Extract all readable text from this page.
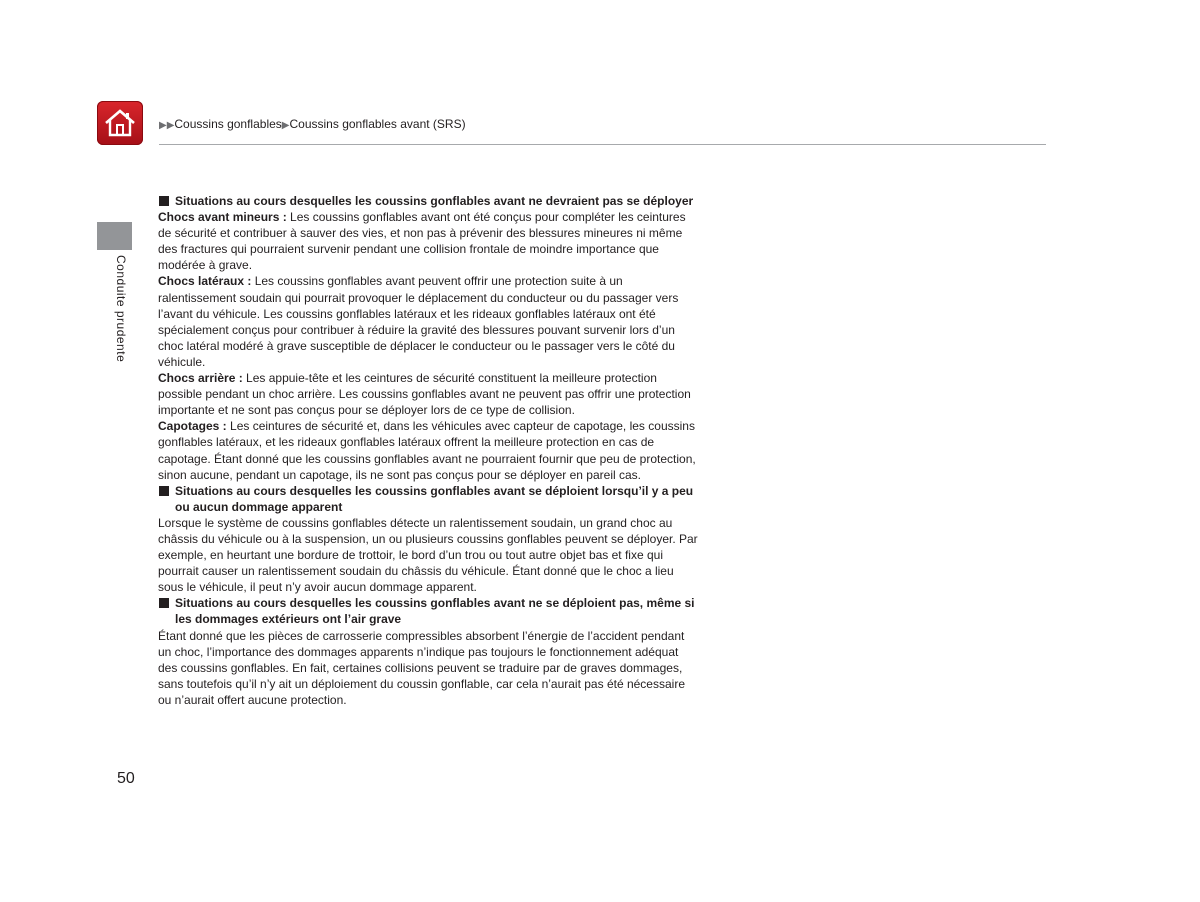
▶▶Coussins gonflables▶Coussins gonflables avant (SRS)
Conduite prudente
Situations au cours desquelles les coussins gonflables avant ne devraient pas se déployer

Chocs avant mineurs : Les coussins gonflables avant ont été conçus pour compléter les ceintures de sécurité et contribuer à sauver des vies, et non pas à prévenir des blessures mineures ni même des fractures qui pourraient survenir pendant une collision frontale de moindre importance que modérée à grave.

Chocs latéraux : Les coussins gonflables avant peuvent offrir une protection suite à un ralentissement soudain qui pourrait provoquer le déplacement du conducteur ou du passager vers l’avant du véhicule. Les coussins gonflables latéraux et les rideaux gonflables latéraux ont été spécialement conçus pour contribuer à réduire la gravité des blessures pouvant survenir lors d’un choc latéral modéré à grave susceptible de déplacer le conducteur ou le passager vers le côté du véhicule.

Chocs arrière : Les appuie-tête et les ceintures de sécurité constituent la meilleure protection possible pendant un choc arrière. Les coussins gonflables avant ne peuvent pas offrir une protection importante et ne sont pas conçus pour se déployer lors de ce type de collision.

Capotages : Les ceintures de sécurité et, dans les véhicules avec capteur de capotage, les coussins gonflables latéraux, et les rideaux gonflables latéraux offrent la meilleure protection en cas de capotage. Étant donné que les coussins gonflables avant ne pourraient fournir que peu de protection, sinon aucune, pendant un capotage, ils ne sont pas conçus pour se déployer en pareil cas.

Situations au cours desquelles les coussins gonflables avant se déploient lorsqu’il y a peu ou aucun dommage apparent

Lorsque le système de coussins gonflables détecte un ralentissement soudain, un grand choc au châssis du véhicule ou à la suspension, un ou plusieurs coussins gonflables peuvent se déployer. Par exemple, en heurtant une bordure de trottoir, le bord d’un trou ou tout autre objet bas et fixe qui pourrait causer un ralentissement soudain du châssis du véhicule. Étant donné que le choc a lieu sous le véhicule, il peut n’y avoir aucun dommage apparent.

Situations au cours desquelles les coussins gonflables avant ne se déploient pas, même si les dommages extérieurs ont l’air grave

Étant donné que les pièces de carrosserie compressibles absorbent l’énergie de l’accident pendant un choc, l’importance des dommages apparents n’indique pas toujours le fonctionnement adéquat des coussins gonflables. En fait, certaines collisions peuvent se traduire par de graves dommages, sans toutefois qu’il n’y ait un déploiement du coussin gonflable, car cela n’aurait pas été nécessaire ou n’aurait offert aucune protection.

50
